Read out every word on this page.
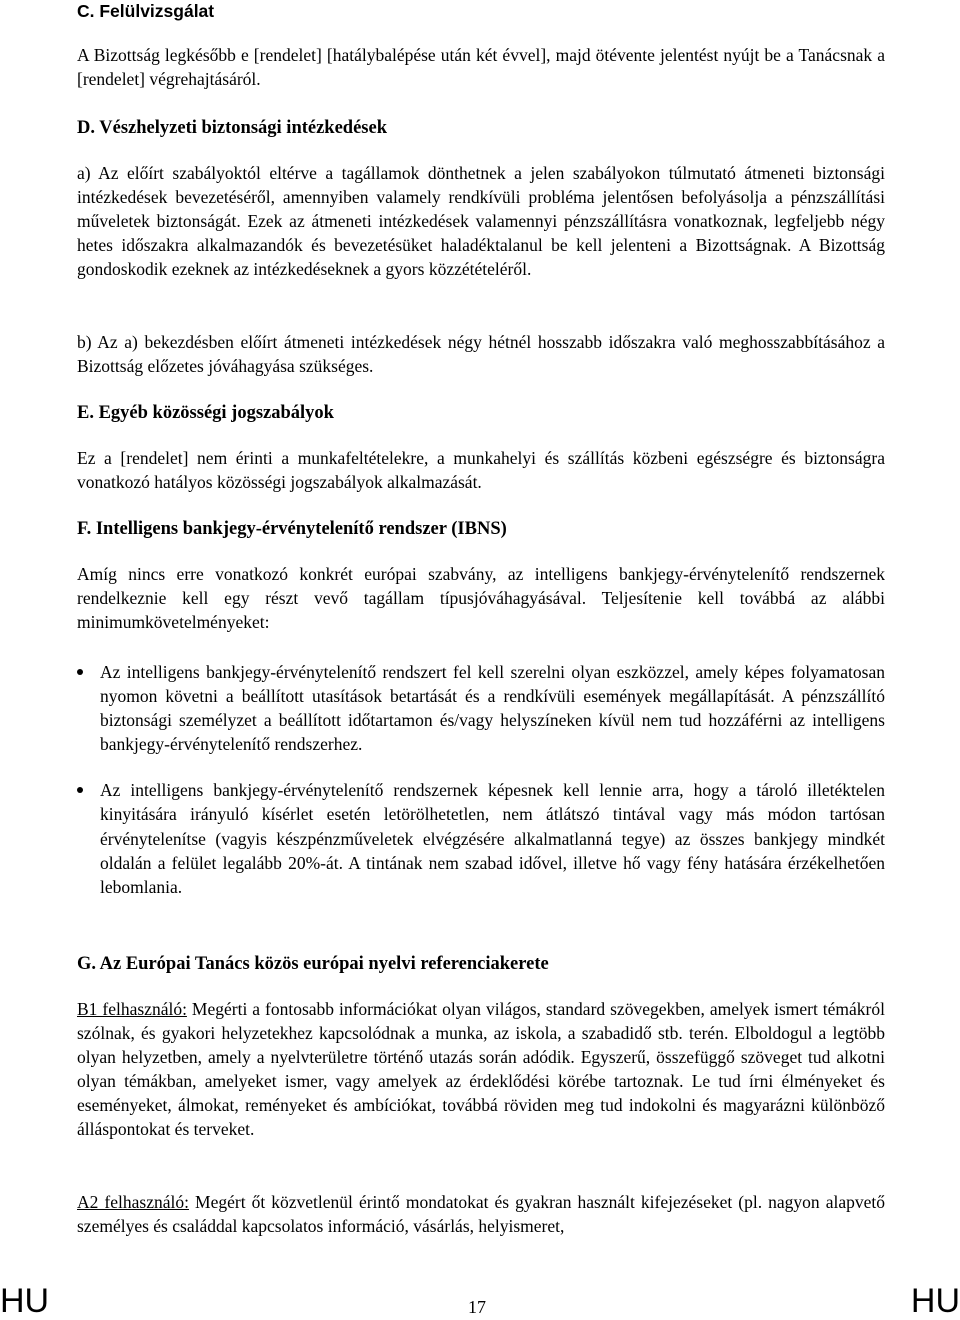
C. Felülvizsgálat

A Bizottság legkésőbb e [rendelet] [hatálybalépése után két évvel], majd ötévente jelentést nyújt be a Tanácsnak a [rendelet] végrehajtásáról.

D. Vészhelyzeti biztonsági intézkedések

a) Az előírt szabályoktól eltérve a tagállamok dönthetnek a jelen szabályokon túlmutató átmeneti biztonsági intézkedések bevezetéséről, amennyiben valamely rendkívüli probléma jelentősen befolyásolja a pénzszállítási műveletek biztonságát. Ezek az átmeneti intézkedések valamennyi pénzszállításra vonatkoznak, legfeljebb négy hetes időszakra alkalmazandók és bevezetésüket haladéktalanul be kell jelenteni a Bizottságnak. A Bizottság gondoskodik ezeknek az intézkedéseknek a gyors közzétételéről.

b) Az a) bekezdésben előírt átmeneti intézkedések négy hétnél hosszabb időszakra való meghosszabbításához a Bizottság előzetes jóváhagyása szükséges.

E. Egyéb közösségi jogszabályok

Ez a [rendelet] nem érinti a munkafeltételekre, a munkahelyi és szállítás közbeni egészségre és biztonságra vonatkozó hatályos közösségi jogszabályok alkalmazását.

F. Intelligens bankjegy-érvénytelenítő rendszer (IBNS)

Amíg nincs erre vonatkozó konkrét európai szabvány, az intelligens bankjegy-érvénytelenítő rendszernek rendelkeznie kell egy részt vevő tagállam típusjóváhagyásával. Teljesítenie kell továbbá az alábbi minimumkövetelményeket:

Az intelligens bankjegy-érvénytelenítő rendszert fel kell szerelni olyan eszközzel, amely képes folyamatosan nyomon követni a beállított utasítások betartását és a rendkívüli események megállapítását. A pénzszállító biztonsági személyzet a beállított időtartamon és/vagy helyszíneken kívül nem tud hozzáférni az intelligens bankjegy-érvénytelenítő rendszerhez.

Az intelligens bankjegy-érvénytelenítő rendszernek képesnek kell lennie arra, hogy a tároló illetéktelen kinyitására irányuló kísérlet esetén letörölhetetlen, nem átlátszó tintával vagy más módon tartósan érvénytelenítse (vagyis készpénzműveletek elvégzésére alkalmatlanná tegye) az összes bankjegy mindkét oldalán a felület legalább 20%-át. A tintának nem szabad idővel, illetve hő vagy fény hatására érzékelhetően lebomlania.

G. Az Európai Tanács közös európai nyelvi referenciakerete

B1 felhasználó: Megérti a fontosabb információkat olyan világos, standard szövegekben, amelyek ismert témákról szólnak, és gyakori helyzetekhez kapcsolódnak a munka, az iskola, a szabadidő stb. terén. Elboldogul a legtöbb olyan helyzetben, amely a nyelvterületre történő utazás során adódik. Egyszerű, összefüggő szöveget tud alkotni olyan témákban, amelyeket ismer, vagy amelyek az érdeklődési körébe tartoznak. Le tud írni élményeket és eseményeket, álmokat, reményeket és ambíciókat, továbbá röviden meg tud indokolni és magyarázni különböző álláspontokat és terveket.

A2 felhasználó: Megért őt közvetlenül érintő mondatokat és gyakran használt kifejezéseket (pl. nagyon alapvető személyes és családdal kapcsolatos információ, vásárlás, helyismeret,

HU	17	HU
